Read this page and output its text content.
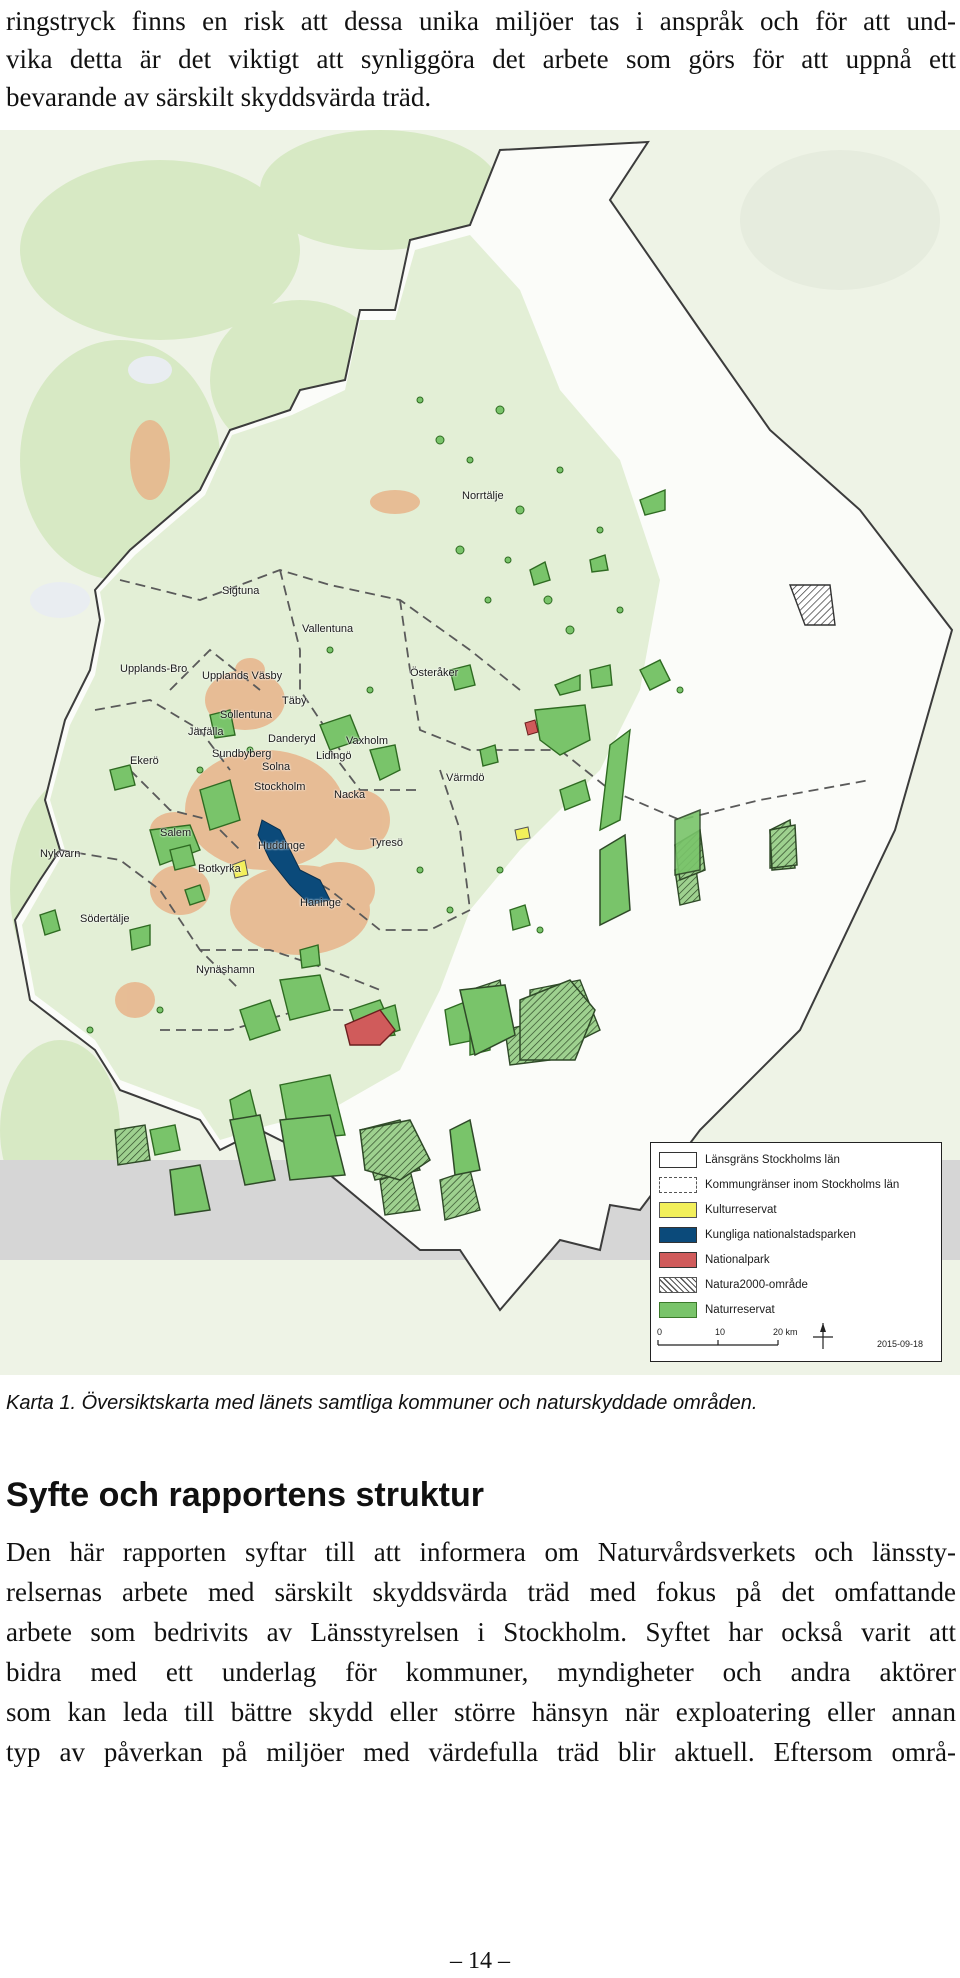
ringstryck finns en risk att dessa unika miljöer tas i anspråk och för att und-
vika detta är det viktigt att synliggöra det arbete som görs för att uppnå ett
bevarande av särskilt skyddsvärda träd.

Norrtälje
Sigtuna
Vallentuna
Upplands-Bro
Upplands Väsby	Österåker
Täby
Sollentuna
Järfälla
Danderyd	Vaxholm
Ekerö
Sundbyberg
Solna
Lidingö
Värmdö
Stockholm
Nacka
Salem
Huddinge	Tyresö
Nykvarn
Botkyrka
Haninge
Södertälje
Nynäshamn
Länsgräns Stockholms län
Kommungränser inom Stockholms län
Kulturreservat
Kungliga nationalstadsparken
Nationalpark
Natura2000-område
Naturreservat
0	10	20 km
2015-09-18

Karta 1. Översiktskarta med länets samtliga kommuner och naturskyddade områden.

Syfte och rapportens struktur

Den här rapporten syftar till att informera om Naturvårdsverkets och länssty-
relsernas arbete med särskilt skyddsvärda träd med fokus på det omfattande
arbete som bedrivits av Länsstyrelsen i Stockholm. Syftet har också varit att
bidra med ett underlag för kommuner, myndigheter och andra aktörer
som kan leda till bättre skydd eller större hänsyn när exploatering eller annan
typ av påverkan på miljöer med värdefulla träd blir aktuell. Eftersom områ-

– 14 –
